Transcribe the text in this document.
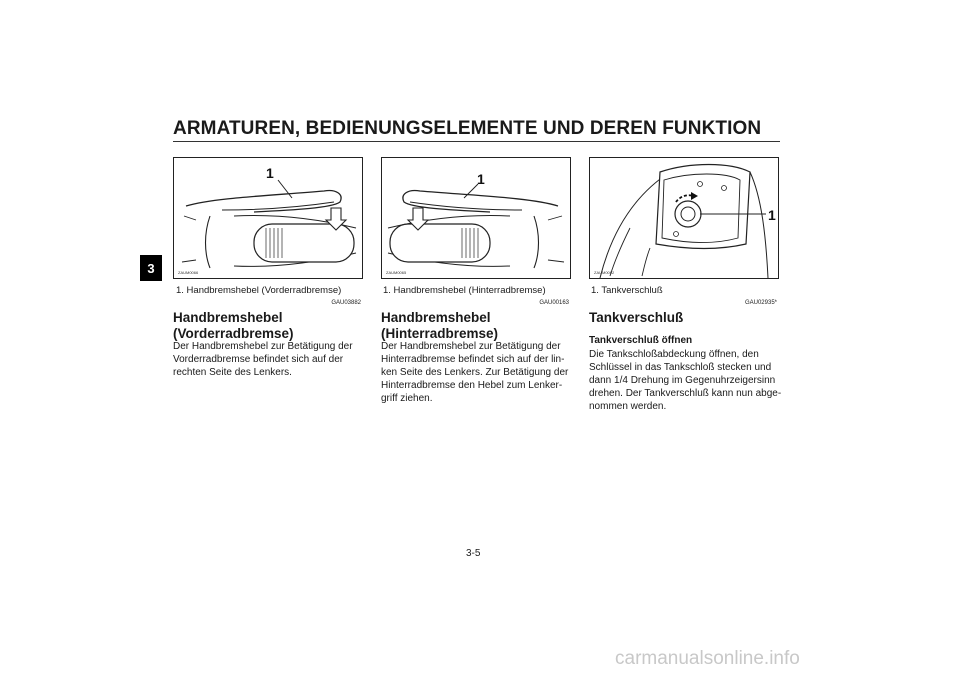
ARMATUREN, BEDIENUNGSELEMENTE UND DEREN FUNKTION
3
1
ZAUM0066
1
ZAUM0065
1
ZAUM0092
1. Handbremshebel (Vorderradbremse)
GAU03882
Handbremshebel
(Vorderradbremse)
Der Handbremshebel zur Betätigung der
Vorderradbremse befindet sich auf der
rechten Seite des Lenkers.
1. Handbremshebel (Hinterradbremse)
GAU00163
Handbremshebel
(Hinterradbremse)
Der Handbremshebel zur Betätigung der
Hinterradbremse befindet sich auf der lin-
ken Seite des Lenkers. Zur Betätigung der
Hinterradbremse den Hebel zum Lenker-
griff ziehen.
1. Tankverschluß
GAU02935*
Tankverschluß
Tankverschluß öffnen
Die Tankschloßabdeckung öffnen, den
Schlüssel in das Tankschloß stecken und
dann 1/4 Drehung im Gegenuhrzeigersinn
drehen. Der Tankverschluß kann nun abge-
nommen werden.
3-5
carmanualsonline.info
